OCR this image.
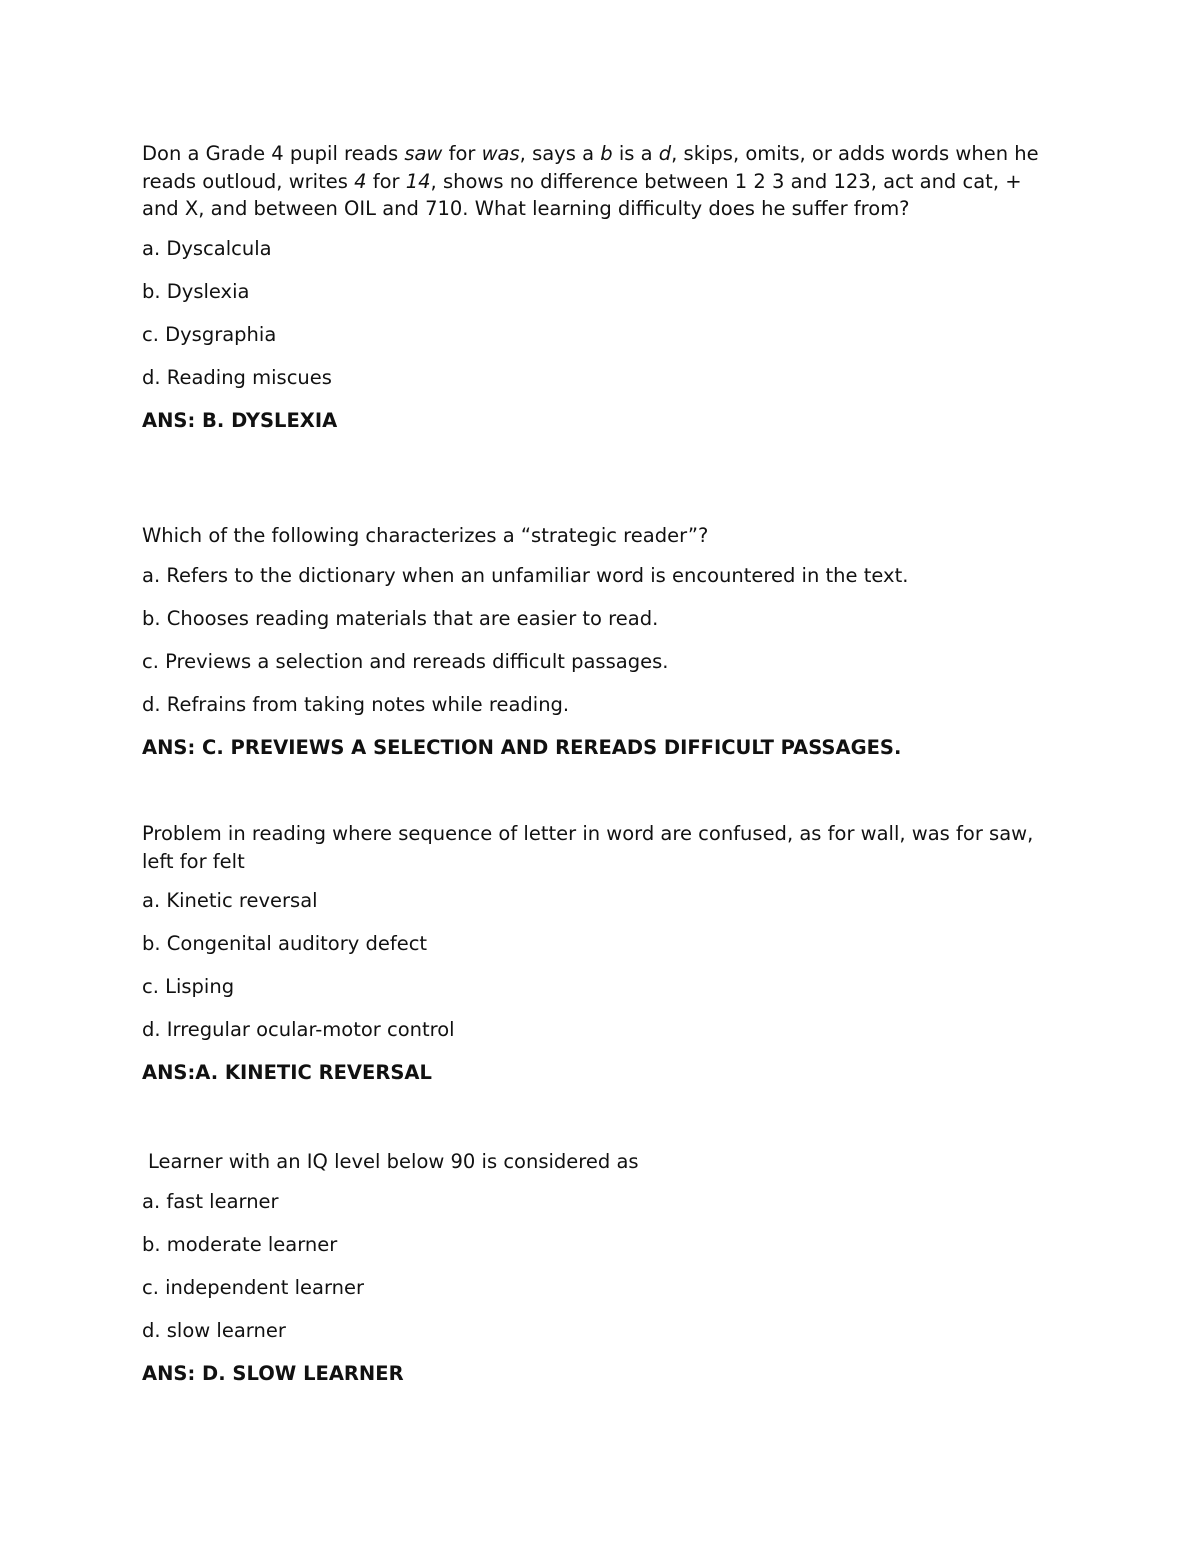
Don a Grade 4 pupil reads saw for was, says a b is a d, skips, omits, or adds words when he reads outloud, writes 4 for 14, shows no difference between 1 2 3 and 123, act and cat, + and X, and between OIL and 710. What learning difficulty does he suffer from?

a. Dyscalcula

b. Dyslexia

c. Dysgraphia

d. Reading miscues

ANS: B. DYSLEXIA

Which of the following characterizes a “strategic reader”?

a. Refers to the dictionary when an unfamiliar word is encountered in the text.

b. Chooses reading materials that are easier to read.

c. Previews a selection and rereads difficult passages.

d. Refrains from taking notes while reading.

ANS: C. PREVIEWS A SELECTION AND REREADS DIFFICULT PASSAGES.

Problem in reading where sequence of letter in word are confused, as for wall, was for saw, left for felt

a. Kinetic reversal

b. Congenital auditory defect

c. Lisping

d. Irregular ocular-motor control

ANS:A. KINETIC REVERSAL

Learner with an IQ level below 90 is considered as

a. fast learner

b. moderate learner

c. independent learner

d. slow learner

ANS: D. SLOW LEARNER
